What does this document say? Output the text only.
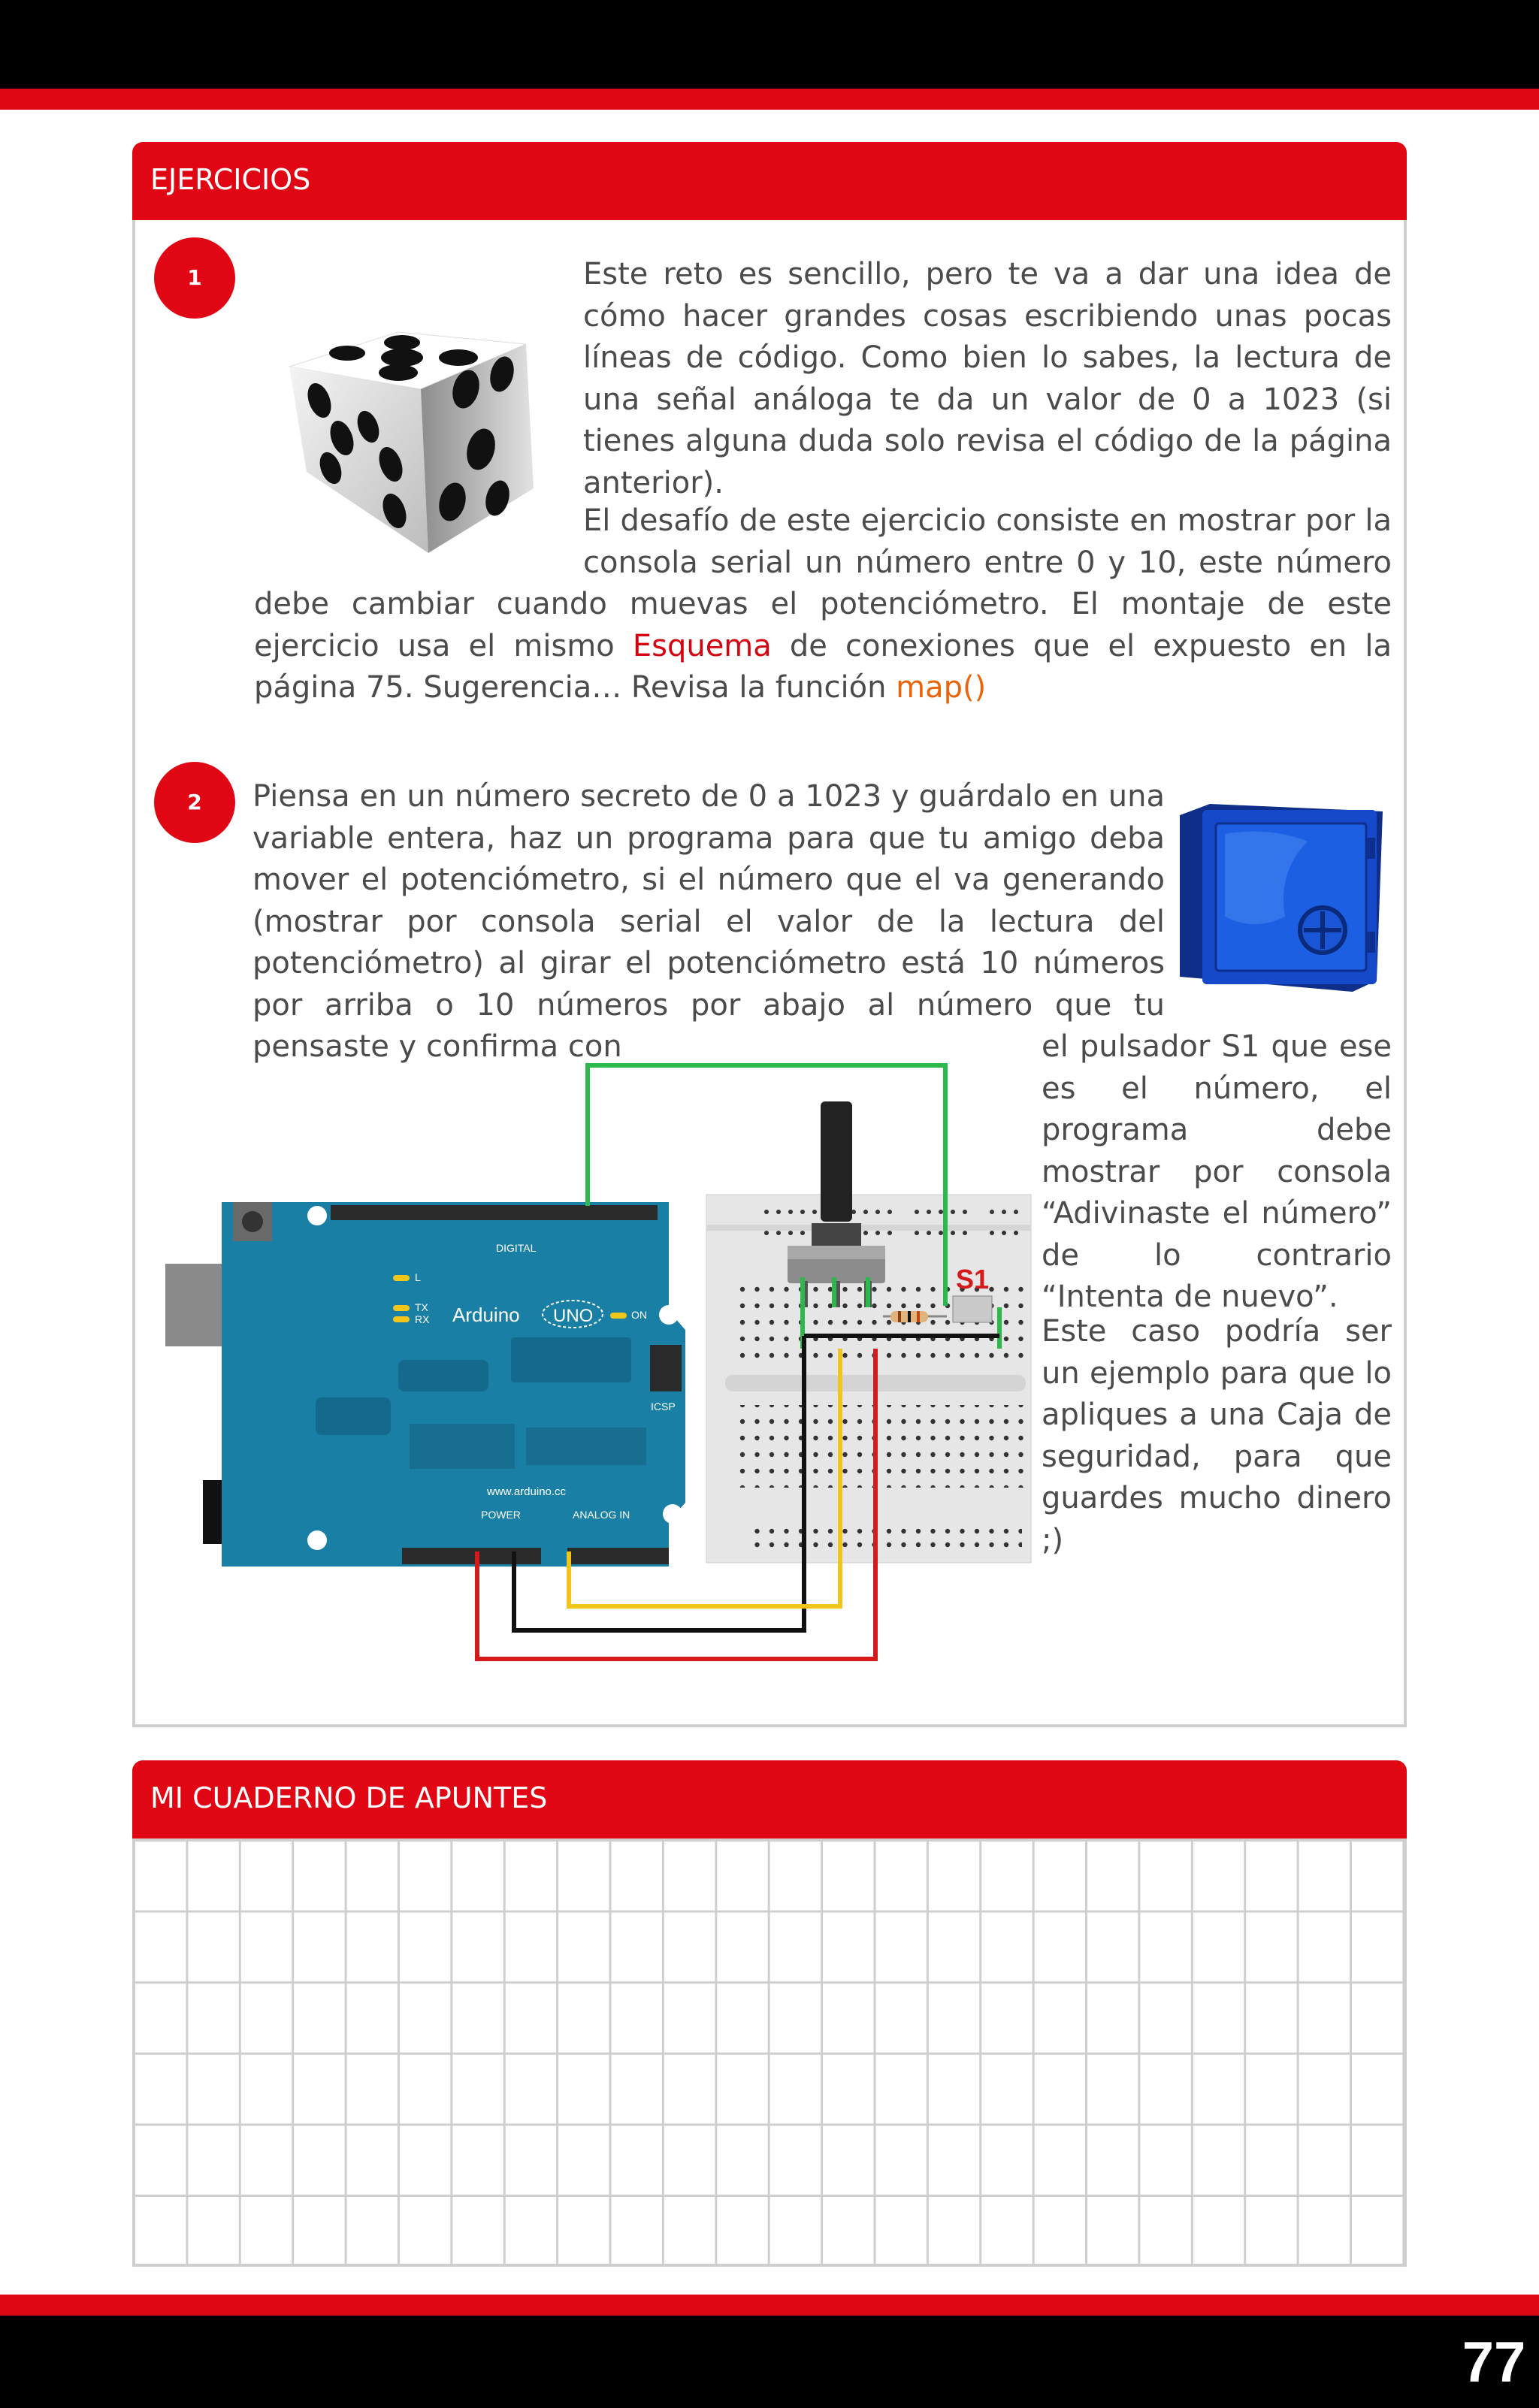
77
EJERCICIOS
1	Este reto es sencillo, pero te va a dar una idea de cómo hacer grandes cosas escribiendo unas pocas líneas de código. Como bien lo sabes, la lectura de una señal análoga te da un valor de 0 a 1023 (si tienes alguna duda solo revisa el código de la página anterior).

El desafío de este ejercicio consiste en mostrar por la

consola serial un número entre 0 y 10, este número

debe cambiar cuando muevas el potenciómetro. El montaje de este ejercicio usa el mismo Esquema de conexiones que el expuesto en la página 75. Sugerencia… Revisa la función map()

2	Piensa en un número secreto de 0 a 1023 y guárdalo en una variable entera, haz un programa para que tu amigo deba mover el potenciómetro, si el número que el va generando (mostrar por consola serial el valor de la lectura del potenciómetro) al girar el potenciómetro está 10 números por arriba o 10 números por abajo al número que tu pensaste y confirma con	el pulsador S1 que ese es el número, el programa debe mostrar por consola “Adivinaste el número” de lo contrario “Intenta de nuevo”.

Este caso podría ser un ejemplo para que lo apliques a una Caja de seguridad, para que guardes mucho dinero ;)

Arduino UNO	ON
DIGITAL
www.arduino.cc
POWER	ANALOG IN
ICSP
L
TX
RX
S1
MI CUADERNO DE APUNTES
